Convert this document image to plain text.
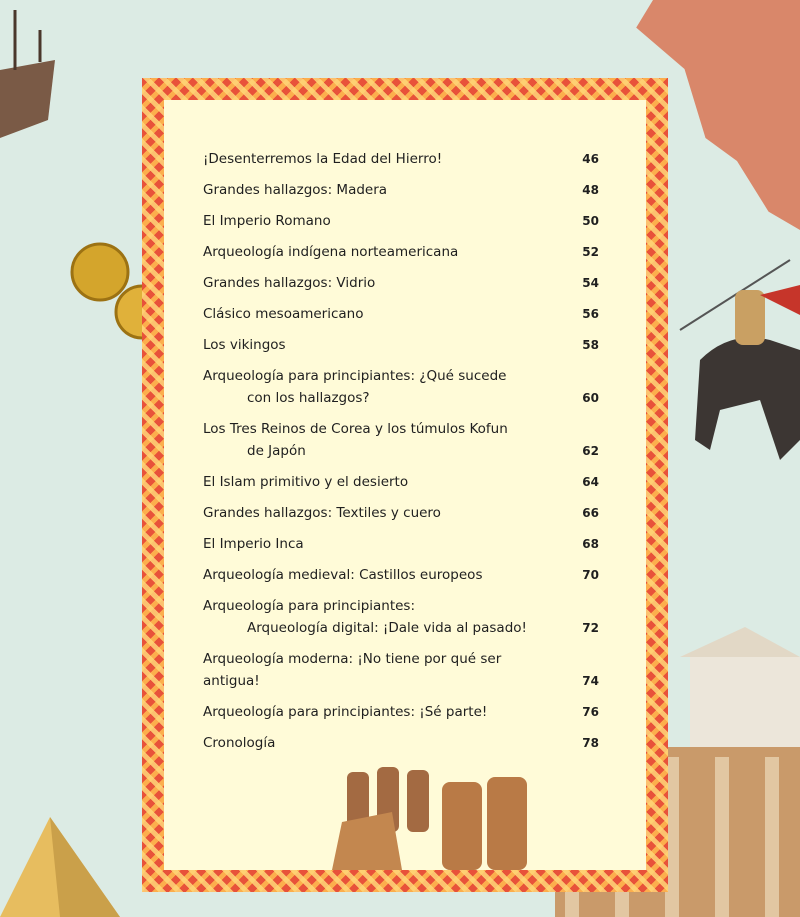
¡Desenterremos la Edad del Hierro!	46
Grandes hallazgos: Madera	48
El Imperio Romano	50
Arqueología indígena norteamericana	52
Grandes hallazgos: Vidrio	54
Clásico mesoamericano	56
Los vikingos	58
Arqueología para principiantes: ¿Qué sucede
con los hallazgos?	60
Los Tres Reinos de Corea y los túmulos Kofun
de Japón	62
El Islam primitivo y el desierto	64
Grandes hallazgos: Textiles y cuero	66
El Imperio Inca	68
Arqueología medieval: Castillos europeos	70
Arqueología para principiantes:
Arqueología digital: ¡Dale vida al pasado!	72
Arqueología moderna: ¡No tiene por qué ser antigua!	74
Arqueología para principiantes: ¡Sé parte!	76
Cronología	78
